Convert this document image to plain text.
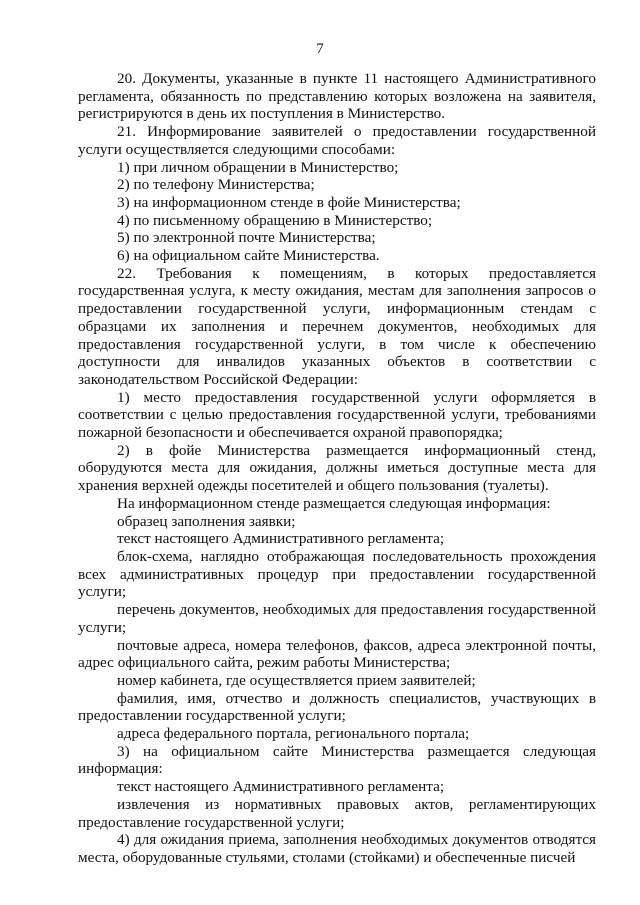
7

20. Документы, указанные в пункте 11 настоящего Административного регламента, обязанность по представлению которых возложена на заявителя, регистрируются в день их поступления в Министерство.

21. Информирование заявителей о предоставлении государственной услуги осуществляется следующими способами:

1) при личном обращении в Министерство;

2) по телефону Министерства;

3) на информационном стенде в фойе Министерства;

4) по письменному обращению в Министерство;

5) по электронной почте Министерства;

6) на официальном сайте Министерства.

22. Требования к помещениям, в которых предоставляется государственная услуга, к месту ожидания, местам для заполнения запросов о предоставлении государственной услуги, информационным стендам с образцами их заполнения и перечнем документов, необходимых для предоставления государственной услуги, в том числе к обеспечению доступности для инвалидов указанных объектов в соответствии с законодательством Российской Федерации:

1) место предоставления государственной услуги оформляется в соответствии с целью предоставления государственной услуги, требованиями пожарной безопасности и обеспечивается охраной правопорядка;

2) в фойе Министерства размещается информационный стенд, оборудуются места для ожидания, должны иметься доступные места для хранения верхней одежды посетителей и общего пользования (туалеты).

На информационном стенде размещается следующая информация:

образец заполнения заявки;

текст настоящего Административного регламента;

блок-схема, наглядно отображающая последовательность прохождения всех административных процедур при предоставлении государственной услуги;

перечень документов, необходимых для предоставления государственной услуги;

почтовые адреса, номера телефонов, факсов, адреса электронной почты, адрес официального сайта, режим работы Министерства;

номер кабинета, где осуществляется прием заявителей;

фамилия, имя, отчество и должность специалистов, участвующих в предоставлении государственной услуги;

адреса федерального портала, регионального портала;

3) на официальном сайте Министерства размещается следующая информация:

текст настоящего Административного регламента;

извлечения из нормативных правовых актов, регламентирующих предоставление государственной услуги;

4) для ожидания приема, заполнения необходимых документов отводятся места, оборудованные стульями, столами (стойками) и обеспеченные писчей
